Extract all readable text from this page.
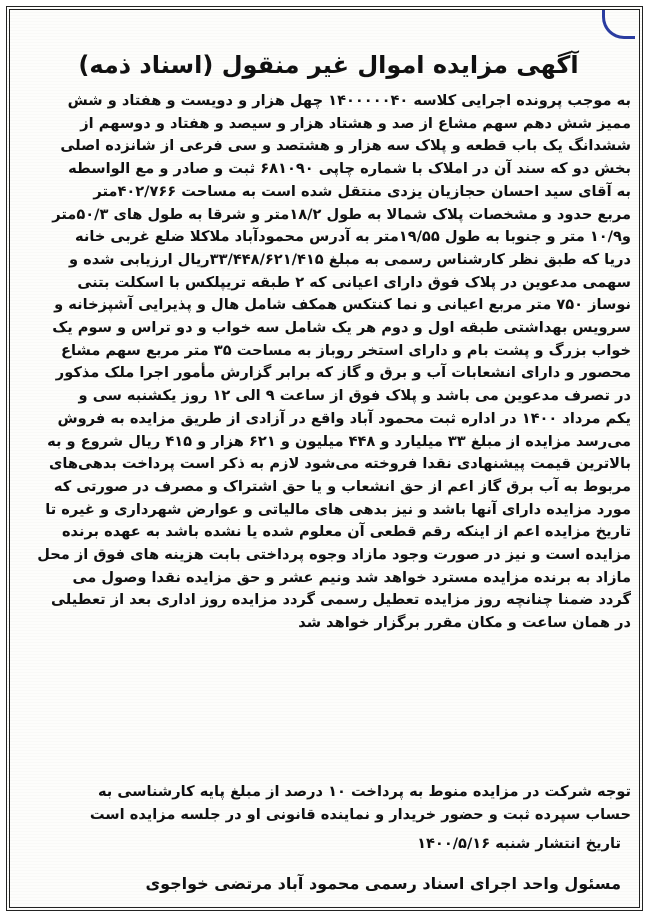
آگهی مزایده اموال غیر منقول (اسناد ذمه)
به موجب پرونده اجرایی کلاسه ۱۴۰۰۰۰۰۴۰ چهل هزار و دویست و هفتاد و شش
ممیز شش دهم سهم مشاع از صد و هشتاد هزار و سیصد و هفتاد و دوسهم از
ششدانگ یک باب قطعه و پلاک سه هزار و هشتصد و سی فرعی از شانزده اصلی
بخش دو که سند آن در املاک با شماره چاپی ۶۸۱۰۹۰ ثبت و صادر و مع الواسطه
به آقای سید احسان حجازیان یزدی منتقل شده است به مساحت ۴۰۲/۷۶۶متر
مربع حدود و مشخصات پلاک شمالا به طول ۱۸/۲متر و شرقا به طول های ۵۰/۳متر
و۱۰/۹ متر و جنوبا به طول ۱۹/۵۵متر به آدرس محمودآباد ملاکلا ضلع غربی خانه
دریا که طبق نظر کارشناس رسمی به مبلغ ۳۳/۴۴۸/۶۲۱/۴۱۵ریال ارزیابی شده و
سهمی مدعوین در پلاک فوق دارای اعیانی که ۲ طبقه تریپلکس با اسکلت بتنی
نوساز ۷۵۰ متر مربع اعیانی و نما کنتکس همکف شامل هال و پذیرایی آشپزخانه و
سرویس بهداشتی طبقه اول و دوم هر یک شامل سه خواب و دو تراس و سوم یک
خواب بزرگ و پشت بام و دارای استخر روباز به مساحت ۳۵ متر مربع سهم مشاع
محصور و دارای انشعابات آب و برق و گاز که برابر گزارش مأمور اجرا ملک مذکور
در تصرف مدعوین می باشد و پلاک فوق از ساعت ۹ الی ۱۲ روز یکشنبه سی و
یکم مرداد ۱۴۰۰ در اداره ثبت محمود آباد واقع در آزادی از طریق مزایده به فروش
می‌رسد مزایده از مبلغ ۳۳ میلیارد و ۴۴۸ میلیون و ۶۲۱ هزار و ۴۱۵ ریال شروع و به
بالاترین قیمت پیشنهادی نقدا فروخته می‌شود لازم به ذکر است پرداخت بدهی‌های
مربوط به آب برق گاز اعم از حق انشعاب و یا حق اشتراک و مصرف در صورتی که
مورد مزایده دارای آنها باشد و نیز بدهی های مالیاتی و عوارض شهرداری و غیره تا
تاریخ مزایده اعم از اینکه رقم قطعی آن معلوم شده یا نشده باشد به عهده برنده
مزایده است و نیز در صورت وجود مازاد وجوه پرداختی بابت هزینه های فوق از محل
مازاد به برنده مزایده مسترد خواهد شد ونیم عشر و حق مزایده نقدا وصول می
گردد ضمنا چنانچه روز مزایده تعطیل رسمی گردد مزایده روز اداری بعد از تعطیلی
در همان ساعت و مکان مقرر برگزار خواهد شد
توجه شرکت در مزایده منوط به پرداخت ۱۰ درصد از مبلغ پایه کارشناسی به
حساب سپرده ثبت و حضور خریدار و نماینده قانونی او در جلسه مزایده است
تاریخ انتشار شنبه ۱۴۰۰/۵/۱۶
مسئول واحد اجرای اسناد رسمی محمود آباد مرتضی خواجوی
